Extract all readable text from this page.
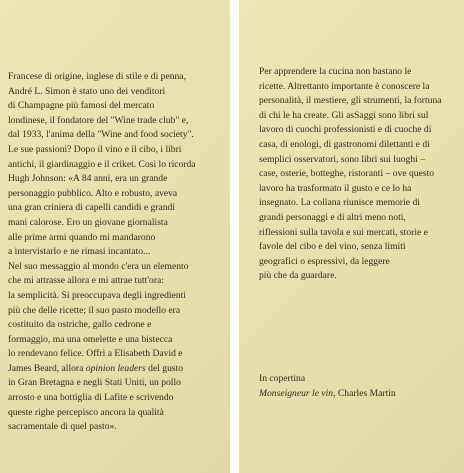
Francese di origine, inglese di stile e di penna,
André L. Simon è stato uno dei venditori
di Champagne più famosi del mercato
londinese, il fondatore del "Wine trade club" e,
dal 1933, l'anima della "Wine and food society".
Le sue passioni? Dopo il vino e il cibo, i libri
antichi, il giardinaggio e il criket. Così lo ricorda
Hugh Johnson: «A 84 anni, era un grande
personaggio pubblico. Alto e robusto, aveva
una gran criniera di capelli candidi e grandi
mani calorose. Ero un giovane giornalista
alle prime armi quando mi mandarono
a intervistarlo e ne rimasi incantato...
Nel suo messaggio al mondo c'era un elemento
che mi attrasse allora e mi attrae tutt'ora:
la semplicità. Si preoccupava degli ingredienti
più che delle ricette; il suo pasto modello era
costituito da ostriche, gallo cedrone e
formaggio, ma una omelette e una bistecca
lo rendevano felice. Offrì a Elisabeth David e
James Beard, allora opinion leaders del gusto
in Gran Bretagna e negli Stati Uniti, un pollo
arrosto e una bottiglia di Lafite e scrivendo
queste righe percepisco ancora la qualità
sacramentale di quel pasto».
Per apprendere la cucina non bastano le
ricette. Altrettanto importante è conoscere la
personalità, il mestiere, gli strumenti, la fortuna
di chi le ha create. Gli asSaggi sono libri sul
lavoro di cuochi professionisti e di cuoche di
casa, di enologi, di gastronomi dilettanti e di
semplici osservatori, sono libri sui luoghi –
case, osterie, botteghe, ristoranti – ove questo
lavoro ha trasformato il gusto e ce lo ha
insegnato. La collana riunisce memorie di
grandi personaggi e di altri meno noti,
riflessioni sulla tavola e sui mercati, storie e
favole del cibo e del vino, senza limiti
geografici o espressivi, da leggere
più che da guardare.
In copertina
Monseigneur le vin, Charles Martin
